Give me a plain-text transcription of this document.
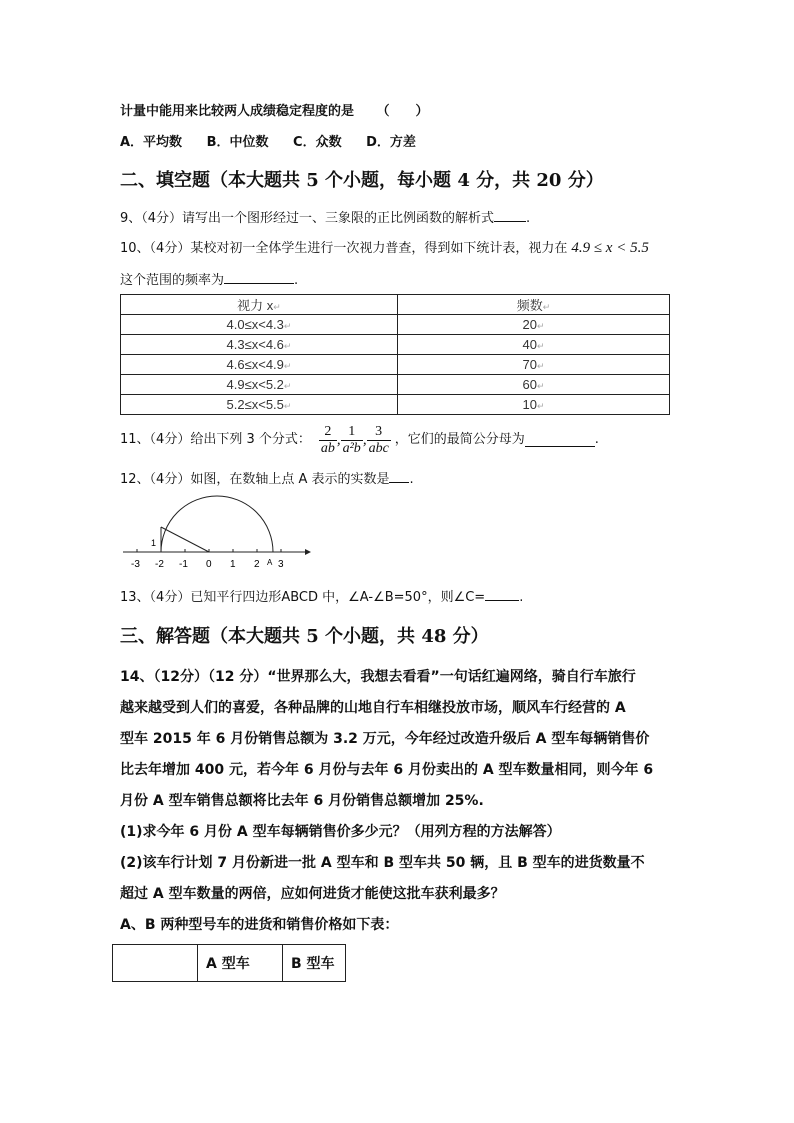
计量中能用来比较两人成绩稳定程度的是 （　　）
A．平均数 B．中位数 C．众数 D．方差
二、填空题（本大题共 5 个小题，每小题 4 分，共 20 分）
9、（4分）请写出一个图形经过一、三象限的正比例函数的解析式 .
10、（4分）某校对初一全体学生进行一次视力普查，得到如下统计表，视力在 4.9 ≤ x < 5.5
这个范围的频率为	.
视力 x↵	频数↵
4.0≤x<4.3↵	20↵
4.3≤x<4.6↵	40↵
4.6≤x<4.9↵	70↵
4.9≤x<5.2↵	60↵
5.2≤x<5.5↵	10↵
11、（4分）给出下列 3 个分式： $\frac{2}{ab}$ , $\frac{1}{\text{a²b}}$ , $\frac{3}{\text{abc}}$ ，它们的最简公分母为	.
12、（4分）如图，在数轴上点 A 表示的实数是 .
-3 -2 -1 0 1 2 3
1
A
13、（4分）已知平行四边形ABCD 中，∠A-∠B=50°，则∠C=	.
三、解答题（本大题共 5 个小题，共 48 分）
14、（12分）（12 分）“世界那么大，我想去看看”一句话红遍网络，骑自行车旅行
越来越受到人们的喜爱，各种品牌的山地自行车相继投放市场，顺风车行经营的 A
型车 2015 年 6 月份销售总额为 3.2 万元，今年经过改造升级后 A 型车每辆销售价
比去年增加 400 元，若今年 6 月份与去年 6 月份卖出的 A 型车数量相同，则今年 6
月份 A 型车销售总额将比去年 6 月份销售总额增加 25%.
(1)求今年 6 月份 A 型车每辆销售价多少元？（用列方程的方法解答）
(2)该车行计划 7 月份新进一批 A 型车和 B 型车共 50 辆，且 B 型车的进货数量不
超过 A 型车数量的两倍，应如何进货才能使这批车获利最多？
A、B 两种型号车的进货和销售价格如下表：
	A 型车	B 型车
